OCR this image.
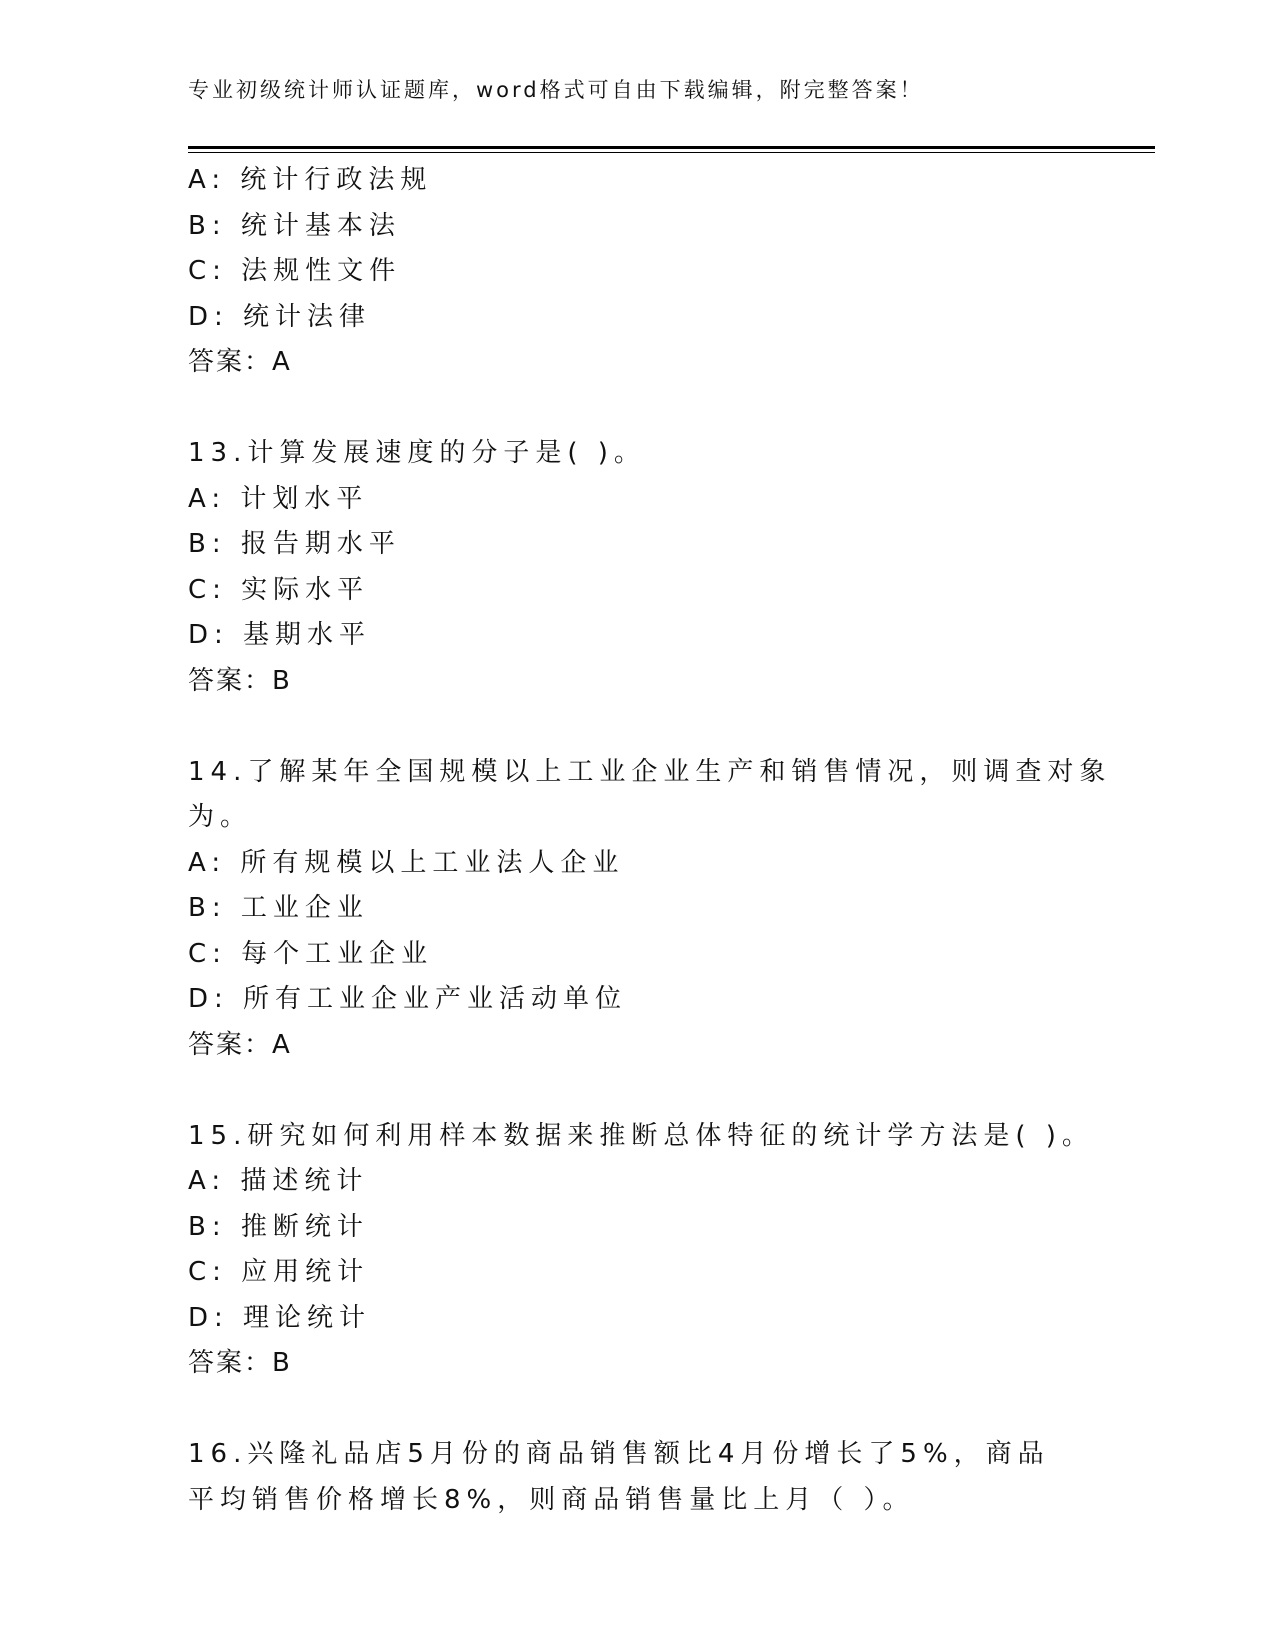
专业初级统计师认证题库，word格式可自由下载编辑，附完整答案！
A: 统计行政法规
B: 统计基本法
C: 法规性文件
D: 统计法律
答案：A
13.计算发展速度的分子是( )。
A: 计划水平
B: 报告期水平
C: 实际水平
D: 基期水平
答案：B
14.了解某年全国规模以上工业企业生产和销售情况，则调查对象为。
A: 所有规模以上工业法人企业
B: 工业企业
C: 每个工业企业
D: 所有工业企业产业活动单位
答案：A
15.研究如何利用样本数据来推断总体特征的统计学方法是( )。
A: 描述统计
B: 推断统计
C: 应用统计
D: 理论统计
答案：B
16.兴隆礼品店5月份的商品销售额比4月份增长了5%，商品平均销售价格增长8%，则商品销售量比上月（ ）。
